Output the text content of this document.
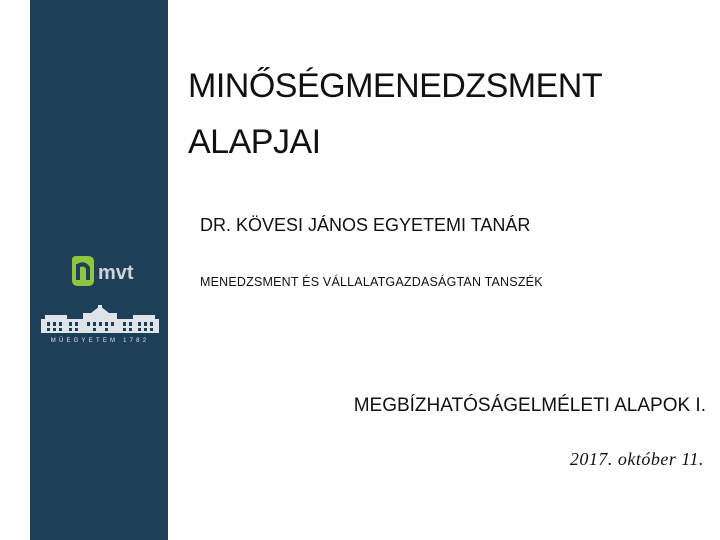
mvt
MŰEGYETEM 1782
MINŐSÉGMENEDZSMENT
ALAPJAI
DR. KÖVESI JÁNOS EGYETEMI TANÁR
MENEDZSMENT ÉS VÁLLALATGAZDASÁGTAN TANSZÉK
MEGBÍZHATÓSÁGELMÉLETI ALAPOK I.
2017. október 11.
